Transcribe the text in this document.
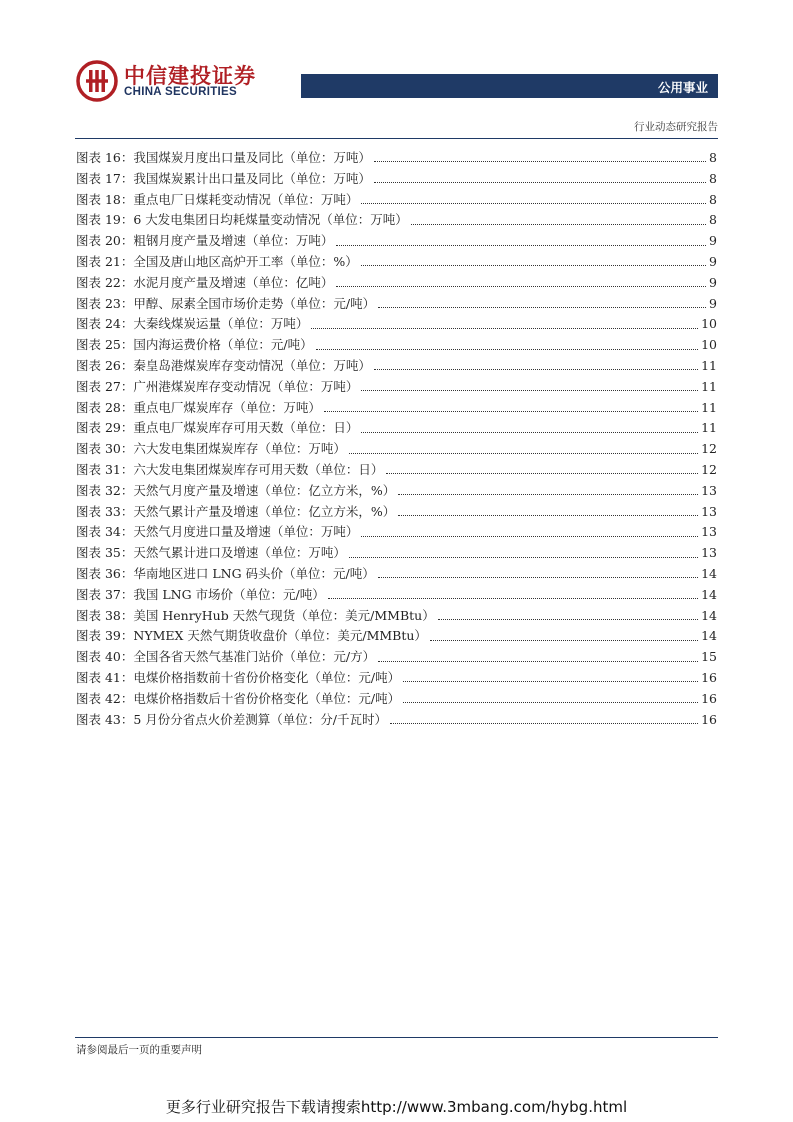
中信建投证券
CHINA SECURITIES	公用事业
行业动态研究报告
图表 16：我国煤炭月度出口量及同比（单位：万吨）	8
图表 17：我国煤炭累计出口量及同比（单位：万吨）	8
图表 18：重点电厂日煤耗变动情况（单位：万吨）	8
图表 19：6 大发电集团日均耗煤量变动情况（单位：万吨）	8
图表 20：粗钢月度产量及增速（单位：万吨）	9
图表 21：全国及唐山地区高炉开工率（单位：%）	9
图表 22：水泥月度产量及增速（单位：亿吨）	9
图表 23：甲醇、尿素全国市场价走势（单位：元/吨）	9
图表 24：大秦线煤炭运量（单位：万吨）	10
图表 25：国内海运费价格（单位：元/吨）	10
图表 26：秦皇岛港煤炭库存变动情况（单位：万吨）	11
图表 27：广州港煤炭库存变动情况（单位：万吨）	11
图表 28：重点电厂煤炭库存（单位：万吨）	11
图表 29：重点电厂煤炭库存可用天数（单位：日）	11
图表 30：六大发电集团煤炭库存（单位：万吨）	12
图表 31：六大发电集团煤炭库存可用天数（单位：日）	12
图表 32：天然气月度产量及增速（单位：亿立方米，%）	13
图表 33：天然气累计产量及增速（单位：亿立方米，%）	13
图表 34：天然气月度进口量及增速（单位：万吨）	13
图表 35：天然气累计进口及增速（单位：万吨）	13
图表 36：华南地区进口 LNG 码头价（单位：元/吨）	14
图表 37：我国 LNG 市场价（单位：元/吨）	14
图表 38：美国 HenryHub 天然气现货（单位：美元/MMBtu）	14
图表 39：NYMEX 天然气期货收盘价（单位：美元/MMBtu）	14
图表 40：全国各省天然气基准门站价（单位：元/方）	15
图表 41：电煤价格指数前十省份价格变化（单位：元/吨）	16
图表 42：电煤价格指数后十省份价格变化（单位：元/吨）	16
图表 43：5 月份分省点火价差测算（单位：分/千瓦时）	16
请参阅最后一页的重要声明
更多行业研究报告下载请搜索http://www.3mbang.com/hybg.html
